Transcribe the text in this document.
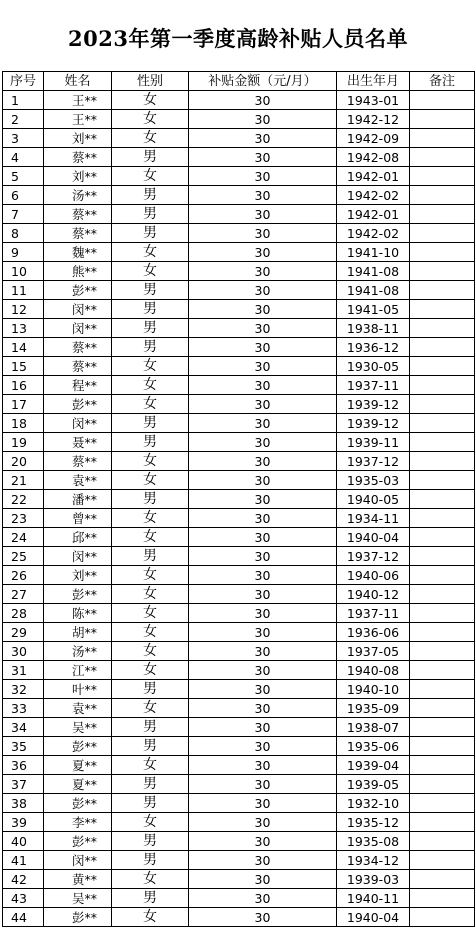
2023年第一季度高龄补贴人员名单
序号	姓名	性别	补贴金额（元/月）	出生年月	备注
1	王**	女	30	1943-01	
2	王**	女	30	1942-12	
3	刘**	女	30	1942-09	
4	蔡**	男	30	1942-08	
5	刘**	女	30	1942-01	
6	汤**	男	30	1942-02	
7	蔡**	男	30	1942-01	
8	蔡**	男	30	1942-02	
9	魏**	女	30	1941-10	
10	熊**	女	30	1941-08	
11	彭**	男	30	1941-08	
12	闵**	男	30	1941-05	
13	闵**	男	30	1938-11	
14	蔡**	男	30	1936-12	
15	蔡**	女	30	1930-05	
16	程**	女	30	1937-11	
17	彭**	女	30	1939-12	
18	闵**	男	30	1939-12	
19	聂**	男	30	1939-11	
20	蔡**	女	30	1937-12	
21	袁**	女	30	1935-03	
22	潘**	男	30	1940-05	
23	曾**	女	30	1934-11	
24	邱**	女	30	1940-04	
25	闵**	男	30	1937-12	
26	刘**	女	30	1940-06	
27	彭**	女	30	1940-12	
28	陈**	女	30	1937-11	
29	胡**	女	30	1936-06	
30	汤**	女	30	1937-05	
31	江**	女	30	1940-08	
32	叶**	男	30	1940-10	
33	袁**	女	30	1935-09	
34	吴**	男	30	1938-07	
35	彭**	男	30	1935-06	
36	夏**	女	30	1939-04	
37	夏**	男	30	1939-05	
38	彭**	男	30	1932-10	
39	李**	女	30	1935-12	
40	彭**	男	30	1935-08	
41	闵**	男	30	1934-12	
42	黄**	女	30	1939-03	
43	吴**	男	30	1940-11	
44	彭**	女	30	1940-04	
